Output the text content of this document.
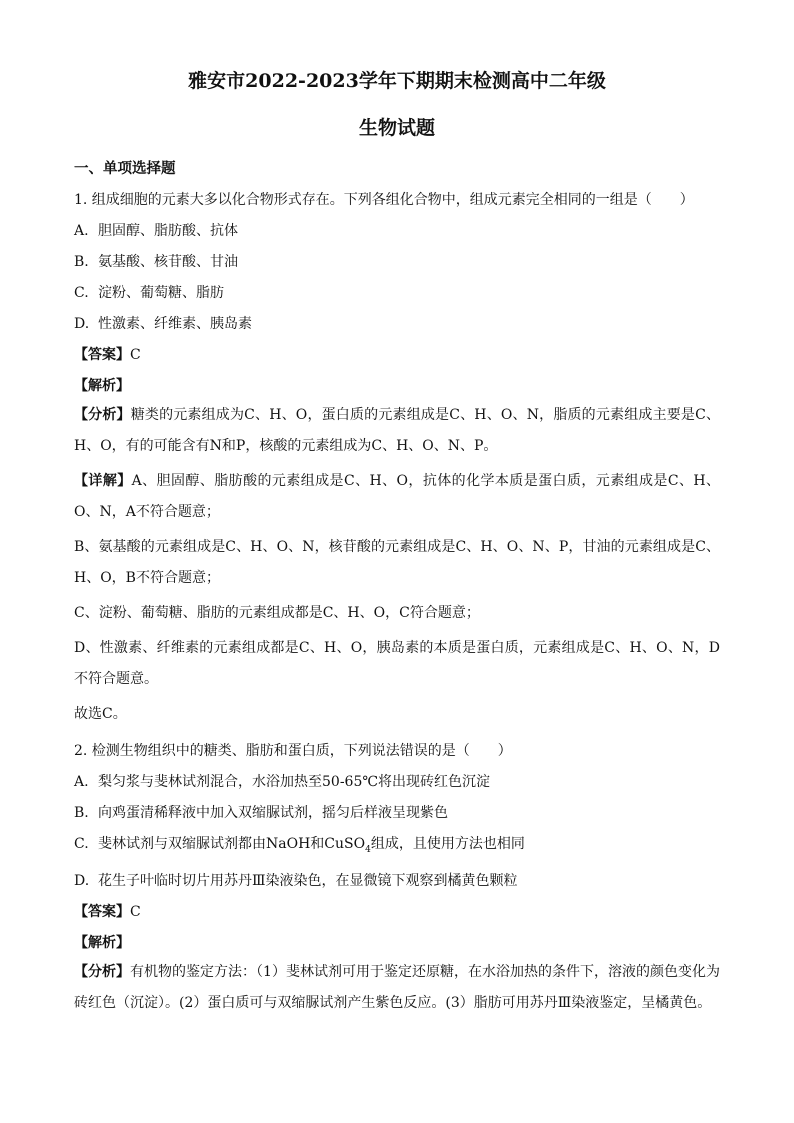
雅安市2022-2023学年下期期末检测高中二年级

生物试题

一、单项选择题

1. 组成细胞的元素大多以化合物形式存在。下列各组化合物中，组成元素完全相同的一组是（　　）

A. 胆固醇、脂肪酸、抗体

B. 氨基酸、核苷酸、甘油

C. 淀粉、葡萄糖、脂肪

D. 性激素、纤维素、胰岛素

【答案】C

【解析】

【分析】糖类的元素组成为C、H、O，蛋白质的元素组成是C、H、O、N，脂质的元素组成主要是C、H、O，有的可能含有N和P，核酸的元素组成为C、H、O、N、P。

【详解】A、胆固醇、脂肪酸的元素组成是C、H、O，抗体的化学本质是蛋白质，元素组成是C、H、O、N，A不符合题意；

B、氨基酸的元素组成是C、H、O、N，核苷酸的元素组成是C、H、O、N、P，甘油的元素组成是C、H、O，B不符合题意；

C、淀粉、葡萄糖、脂肪的元素组成都是C、H、O，C符合题意；

D、性激素、纤维素的元素组成都是C、H、O，胰岛素的本质是蛋白质，元素组成是C、H、O、N，D不符合题意。

故选C。

2. 检测生物组织中的糖类、脂肪和蛋白质，下列说法错误的是（　　）

A. 梨匀浆与斐林试剂混合，水浴加热至50-65℃将出现砖红色沉淀

B. 向鸡蛋清稀释液中加入双缩脲试剂，摇匀后样液呈现紫色

C. 斐林试剂与双缩脲试剂都由NaOH和CuSO$_4$组成，且使用方法也相同

D. 花生子叶临时切片用苏丹Ⅲ染液染色，在显微镜下观察到橘黄色颗粒

【答案】C

【解析】

【分析】有机物的鉴定方法：（1）斐林试剂可用于鉴定还原糖，在水浴加热的条件下，溶液的颜色变化为砖红色（沉淀）。(2）蛋白质可与双缩脲试剂产生紫色反应。(3）脂肪可用苏丹Ⅲ染液鉴定，呈橘黄色。
